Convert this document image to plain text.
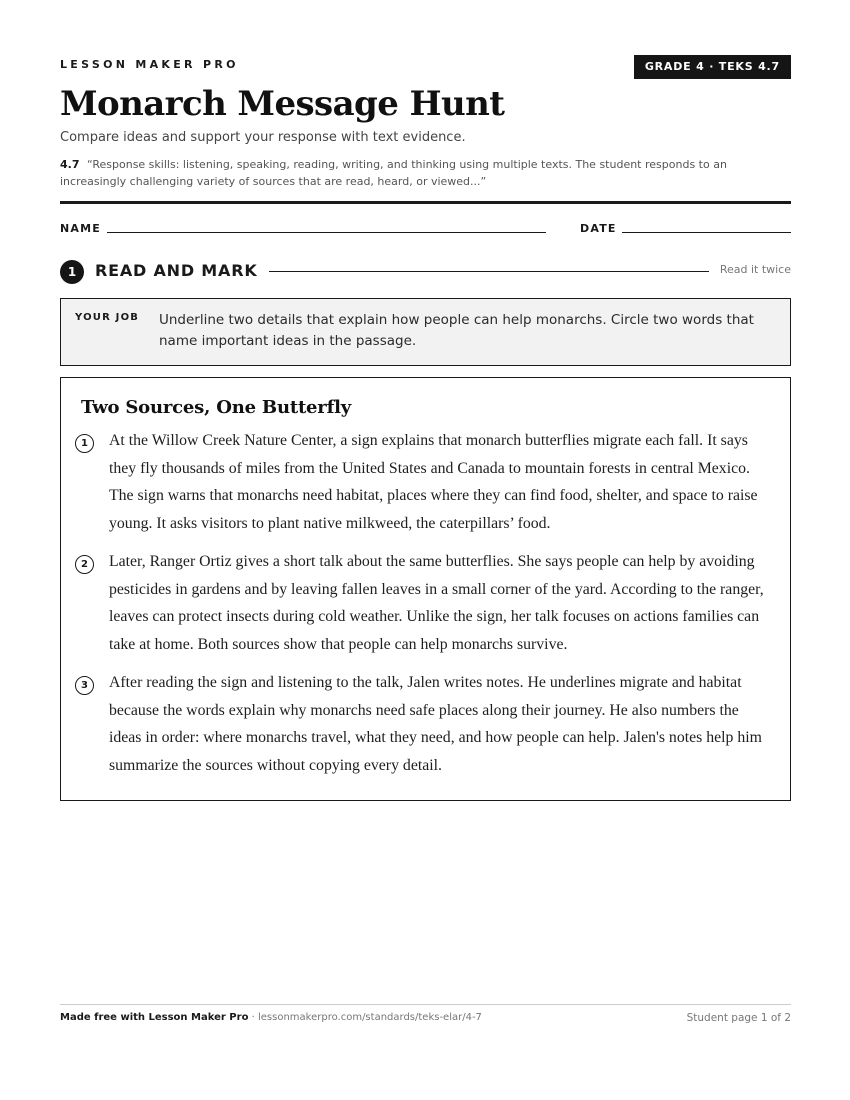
LESSON MAKER PRO	GRADE 4 · TEKS 4.7
Monarch Message Hunt
Compare ideas and support your response with text evidence.
4.7 “Response skills: listening, speaking, reading, writing, and thinking using multiple texts. The student responds to an increasingly challenging variety of sources that are read, heard, or viewed...”
NAME	DATE
1	READ AND MARK	Read it twice
YOUR JOB Underline two details that explain how people can help monarchs. Circle two words that name important ideas in the passage.
Two Sources, One Butterfly
1	At the Willow Creek Nature Center, a sign explains that monarch butterflies migrate each fall. It says they fly thousands of miles from the United States and Canada to mountain forests in central Mexico. The sign warns that monarchs need habitat, places where they can find food, shelter, and space to raise young. It asks visitors to plant native milkweed, the caterpillars’ food.

2	Later, Ranger Ortiz gives a short talk about the same butterflies. She says people can help by avoiding pesticides in gardens and by leaving fallen leaves in a small corner of the yard. According to the ranger, leaves can protect insects during cold weather. Unlike the sign, her talk focuses on actions families can take at home. Both sources show that people can help monarchs survive.

3	After reading the sign and listening to the talk, Jalen writes notes. He underlines migrate and habitat because the words explain why monarchs need safe places along their journey. He also numbers the ideas in order: where monarchs travel, what they need, and how people can help. Jalen's notes help him summarize the sources without copying every detail.

Made free with Lesson Maker Pro · lessonmakerpro.com/standards/teks-elar/4-7	Student page 1 of 2
